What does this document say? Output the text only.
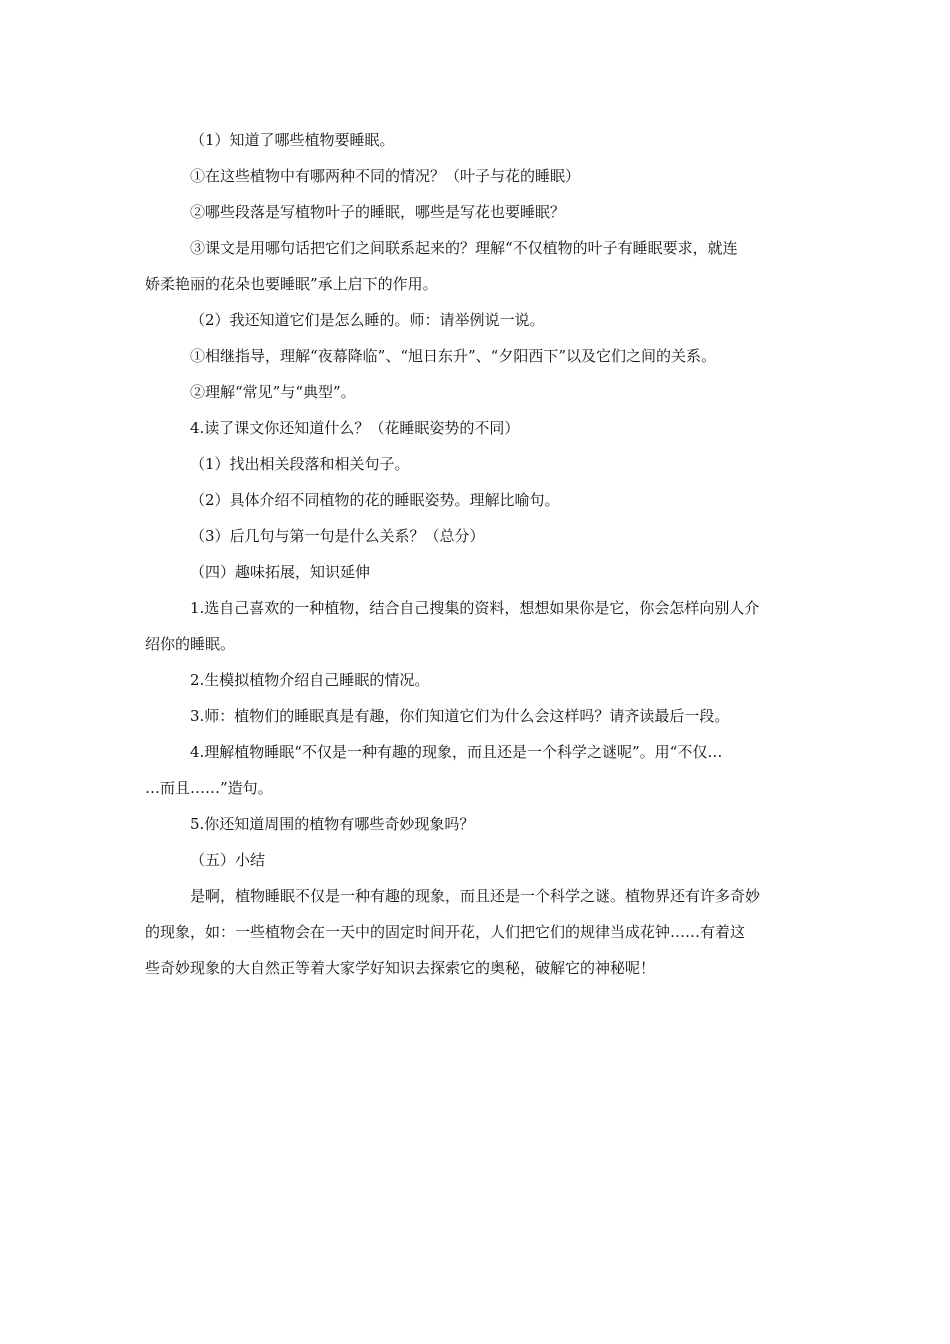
（1）知道了哪些植物要睡眠。
①在这些植物中有哪两种不同的情况？（叶子与花的睡眠）
②哪些段落是写植物叶子的睡眠，哪些是写花也要睡眠？
③课文是用哪句话把它们之间联系起来的？理解“不仅植物的叶子有睡眠要求，就连
娇柔艳丽的花朵也要睡眠”承上启下的作用。
（2）我还知道它们是怎么睡的。师：请举例说一说。
①相继指导，理解“夜幕降临”、“旭日东升”、“夕阳西下”以及它们之间的关系。
②理解“常见”与“典型”。
4.读了课文你还知道什么？（花睡眠姿势的不同）
（1）找出相关段落和相关句子。
（2）具体介绍不同植物的花的睡眠姿势。理解比喻句。
（3）后几句与第一句是什么关系？（总分）
（四）趣味拓展，知识延伸
1.选自己喜欢的一种植物，结合自己搜集的资料，想想如果你是它，你会怎样向别人介
绍你的睡眠。
2.生模拟植物介绍自己睡眠的情况。
3.师：植物们的睡眠真是有趣，你们知道它们为什么会这样吗？请齐读最后一段。
4.理解植物睡眠“不仅是一种有趣的现象，而且还是一个科学之谜呢”。用“不仅…
…而且……”造句。
5.你还知道周围的植物有哪些奇妙现象吗？
（五）小结
是啊，植物睡眠不仅是一种有趣的现象，而且还是一个科学之谜。植物界还有许多奇妙
的现象，如：一些植物会在一天中的固定时间开花，人们把它们的规律当成花钟……有着这
些奇妙现象的大自然正等着大家学好知识去探索它的奥秘，破解它的神秘呢！
